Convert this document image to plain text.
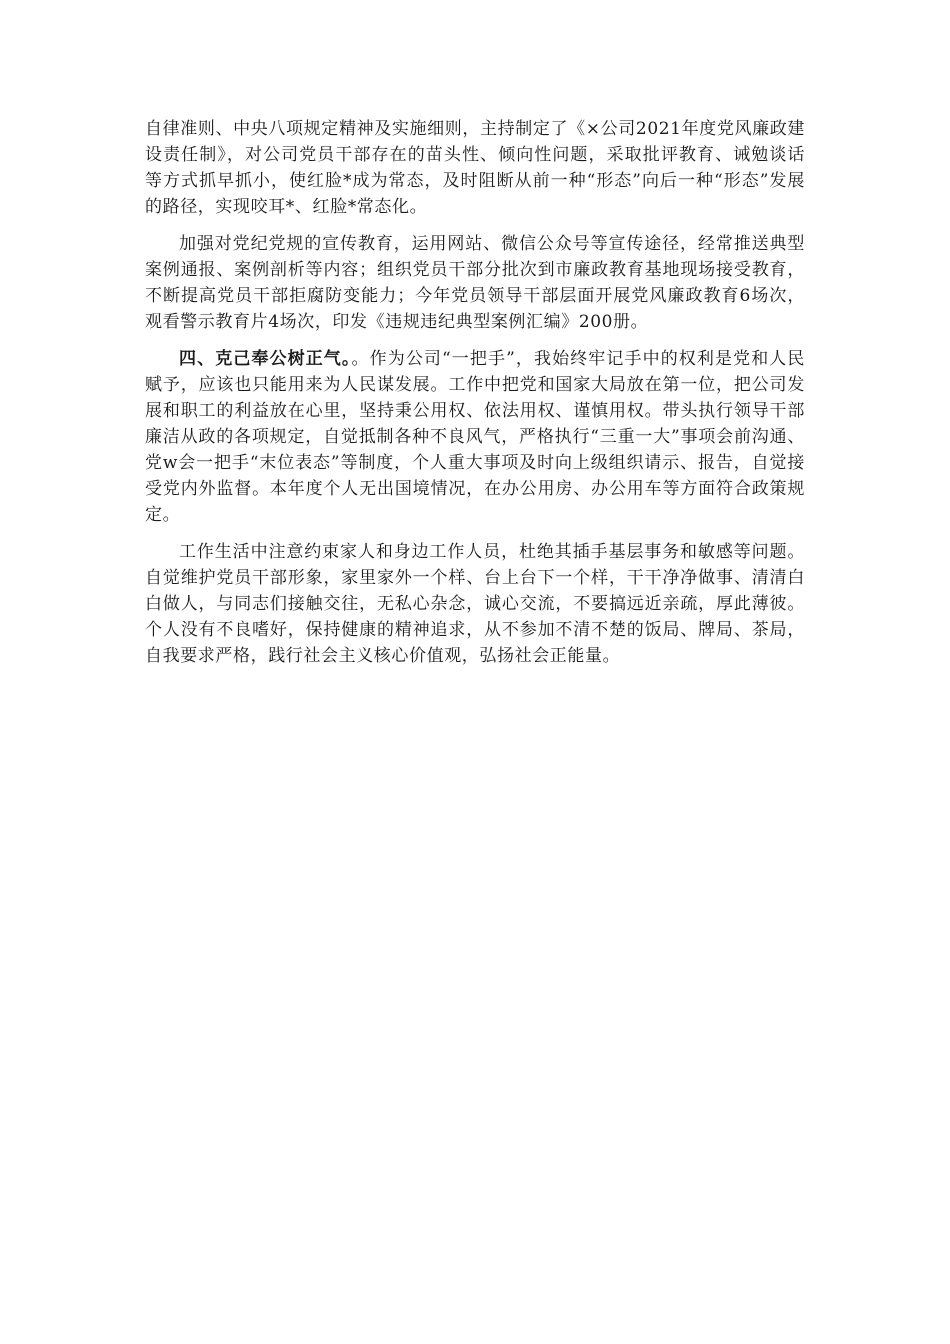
自律准则、中央八项规定精神及实施细则，主持制定了《×公司2021年度党风廉政建设责任制》，对公司党员干部存在的苗头性、倾向性问题，采取批评教育、诫勉谈话等方式抓早抓小，使红脸*成为常态，及时阻断从前一种“形态”向后一种“形态”发展的路径，实现咬耳*、红脸*常态化。

加强对党纪党规的宣传教育，运用网站、微信公众号等宣传途径，经常推送典型案例通报、案例剖析等内容；组织党员干部分批次到市廉政教育基地现场接受教育，不断提高党员干部拒腐防变能力；今年党员领导干部层面开展党风廉政教育6场次，观看警示教育片4场次，印发《违规违纪典型案例汇编》200册。

四、克己奉公树正气。。作为公司“一把手”，我始终牢记手中的权利是党和人民赋予，应该也只能用来为人民谋发展。工作中把党和国家大局放在第一位，把公司发展和职工的利益放在心里，坚持秉公用权、依法用权、谨慎用权。带头执行领导干部廉洁从政的各项规定，自觉抵制各种不良风气，严格执行“三重一大”事项会前沟通、党w会一把手“末位表态”等制度，个人重大事项及时向上级组织请示、报告，自觉接受党内外监督。本年度个人无出国境情况，在办公用房、办公用车等方面符合政策规定。

工作生活中注意约束家人和身边工作人员，杜绝其插手基层事务和敏感等问题。自觉维护党员干部形象，家里家外一个样、台上台下一个样，干干净净做事、清清白白做人，与同志们接触交往，无私心杂念，诚心交流，不要搞远近亲疏，厚此薄彼。个人没有不良嗜好，保持健康的精神追求，从不参加不清不楚的饭局、牌局、茶局，自我要求严格，践行社会主义核心价值观，弘扬社会正能量。
